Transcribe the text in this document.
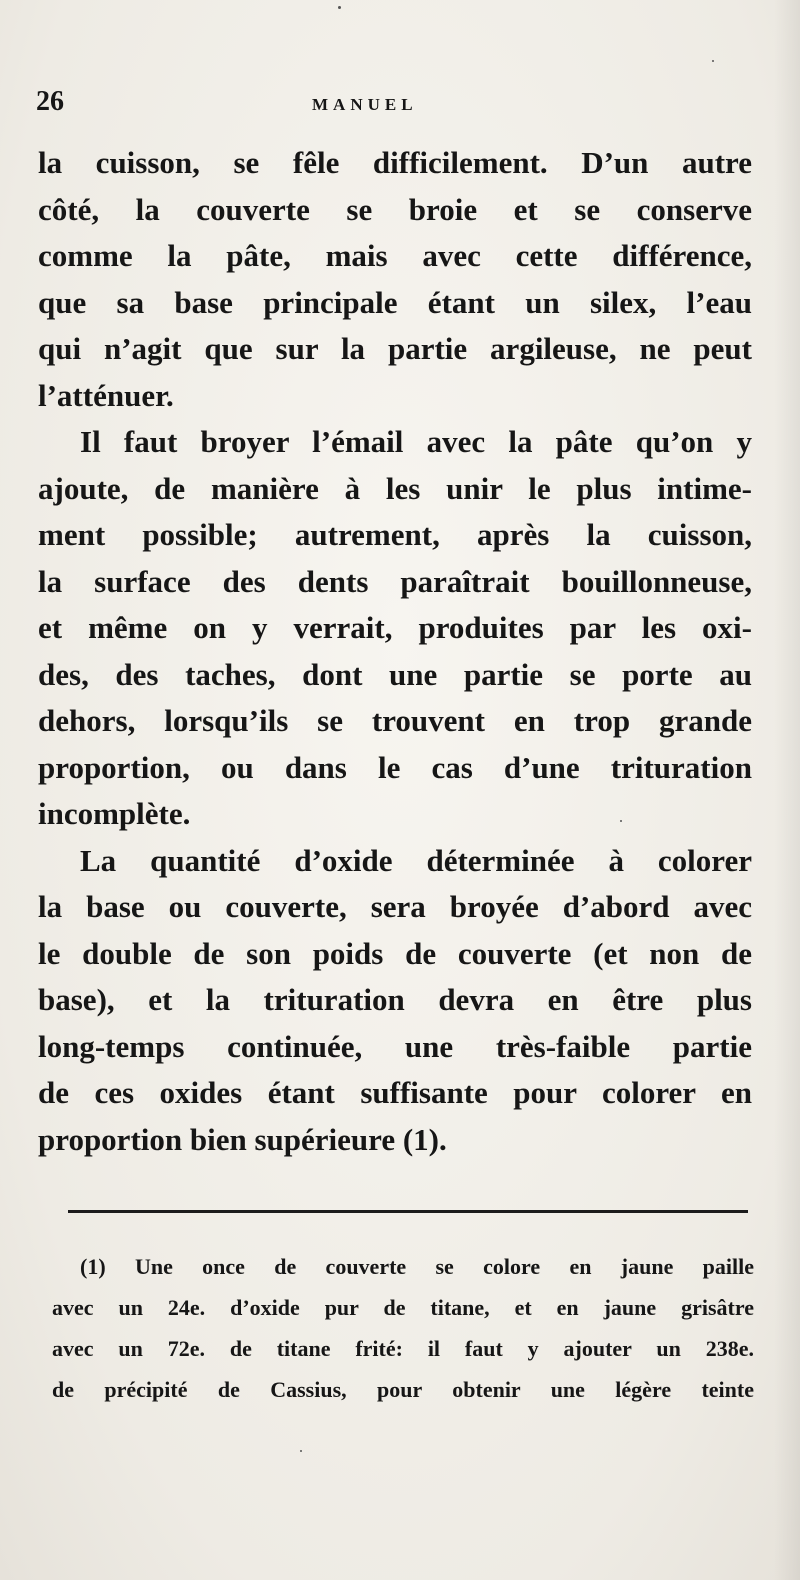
26	MANUEL
la cuisson, se fêle difficilement. D’un autre
côté, la couverte se broie et se conserve
comme la pâte, mais avec cette différence,
que sa base principale étant un silex, l’eau
qui n’agit que sur la partie argileuse, ne peut
l’atténuer.
Il faut broyer l’émail avec la pâte qu’on y
ajoute, de manière à les unir le plus intime-
ment possible; autrement, après la cuisson,
la surface des dents paraîtrait bouillonneuse,
et même on y verrait, produites par les oxi-
des, des taches, dont une partie se porte au
dehors, lorsqu’ils se trouvent en trop grande
proportion, ou dans le cas d’une trituration
incomplète.
La quantité d’oxide déterminée à colorer
la base ou couverte, sera broyée d’abord avec
le double de son poids de couverte (et non de
base), et la trituration devra en être plus
long-temps continuée, une très-faible partie
de ces oxides étant suffisante pour colorer en
proportion bien supérieure (1).
(1) Une once de couverte se colore en jaune paille
avec un 24e. d’oxide pur de titane, et en jaune grisâtre
avec un 72e. de titane frité: il faut y ajouter un 238e.
de précipité de Cassius, pour obtenir une légère teinte
